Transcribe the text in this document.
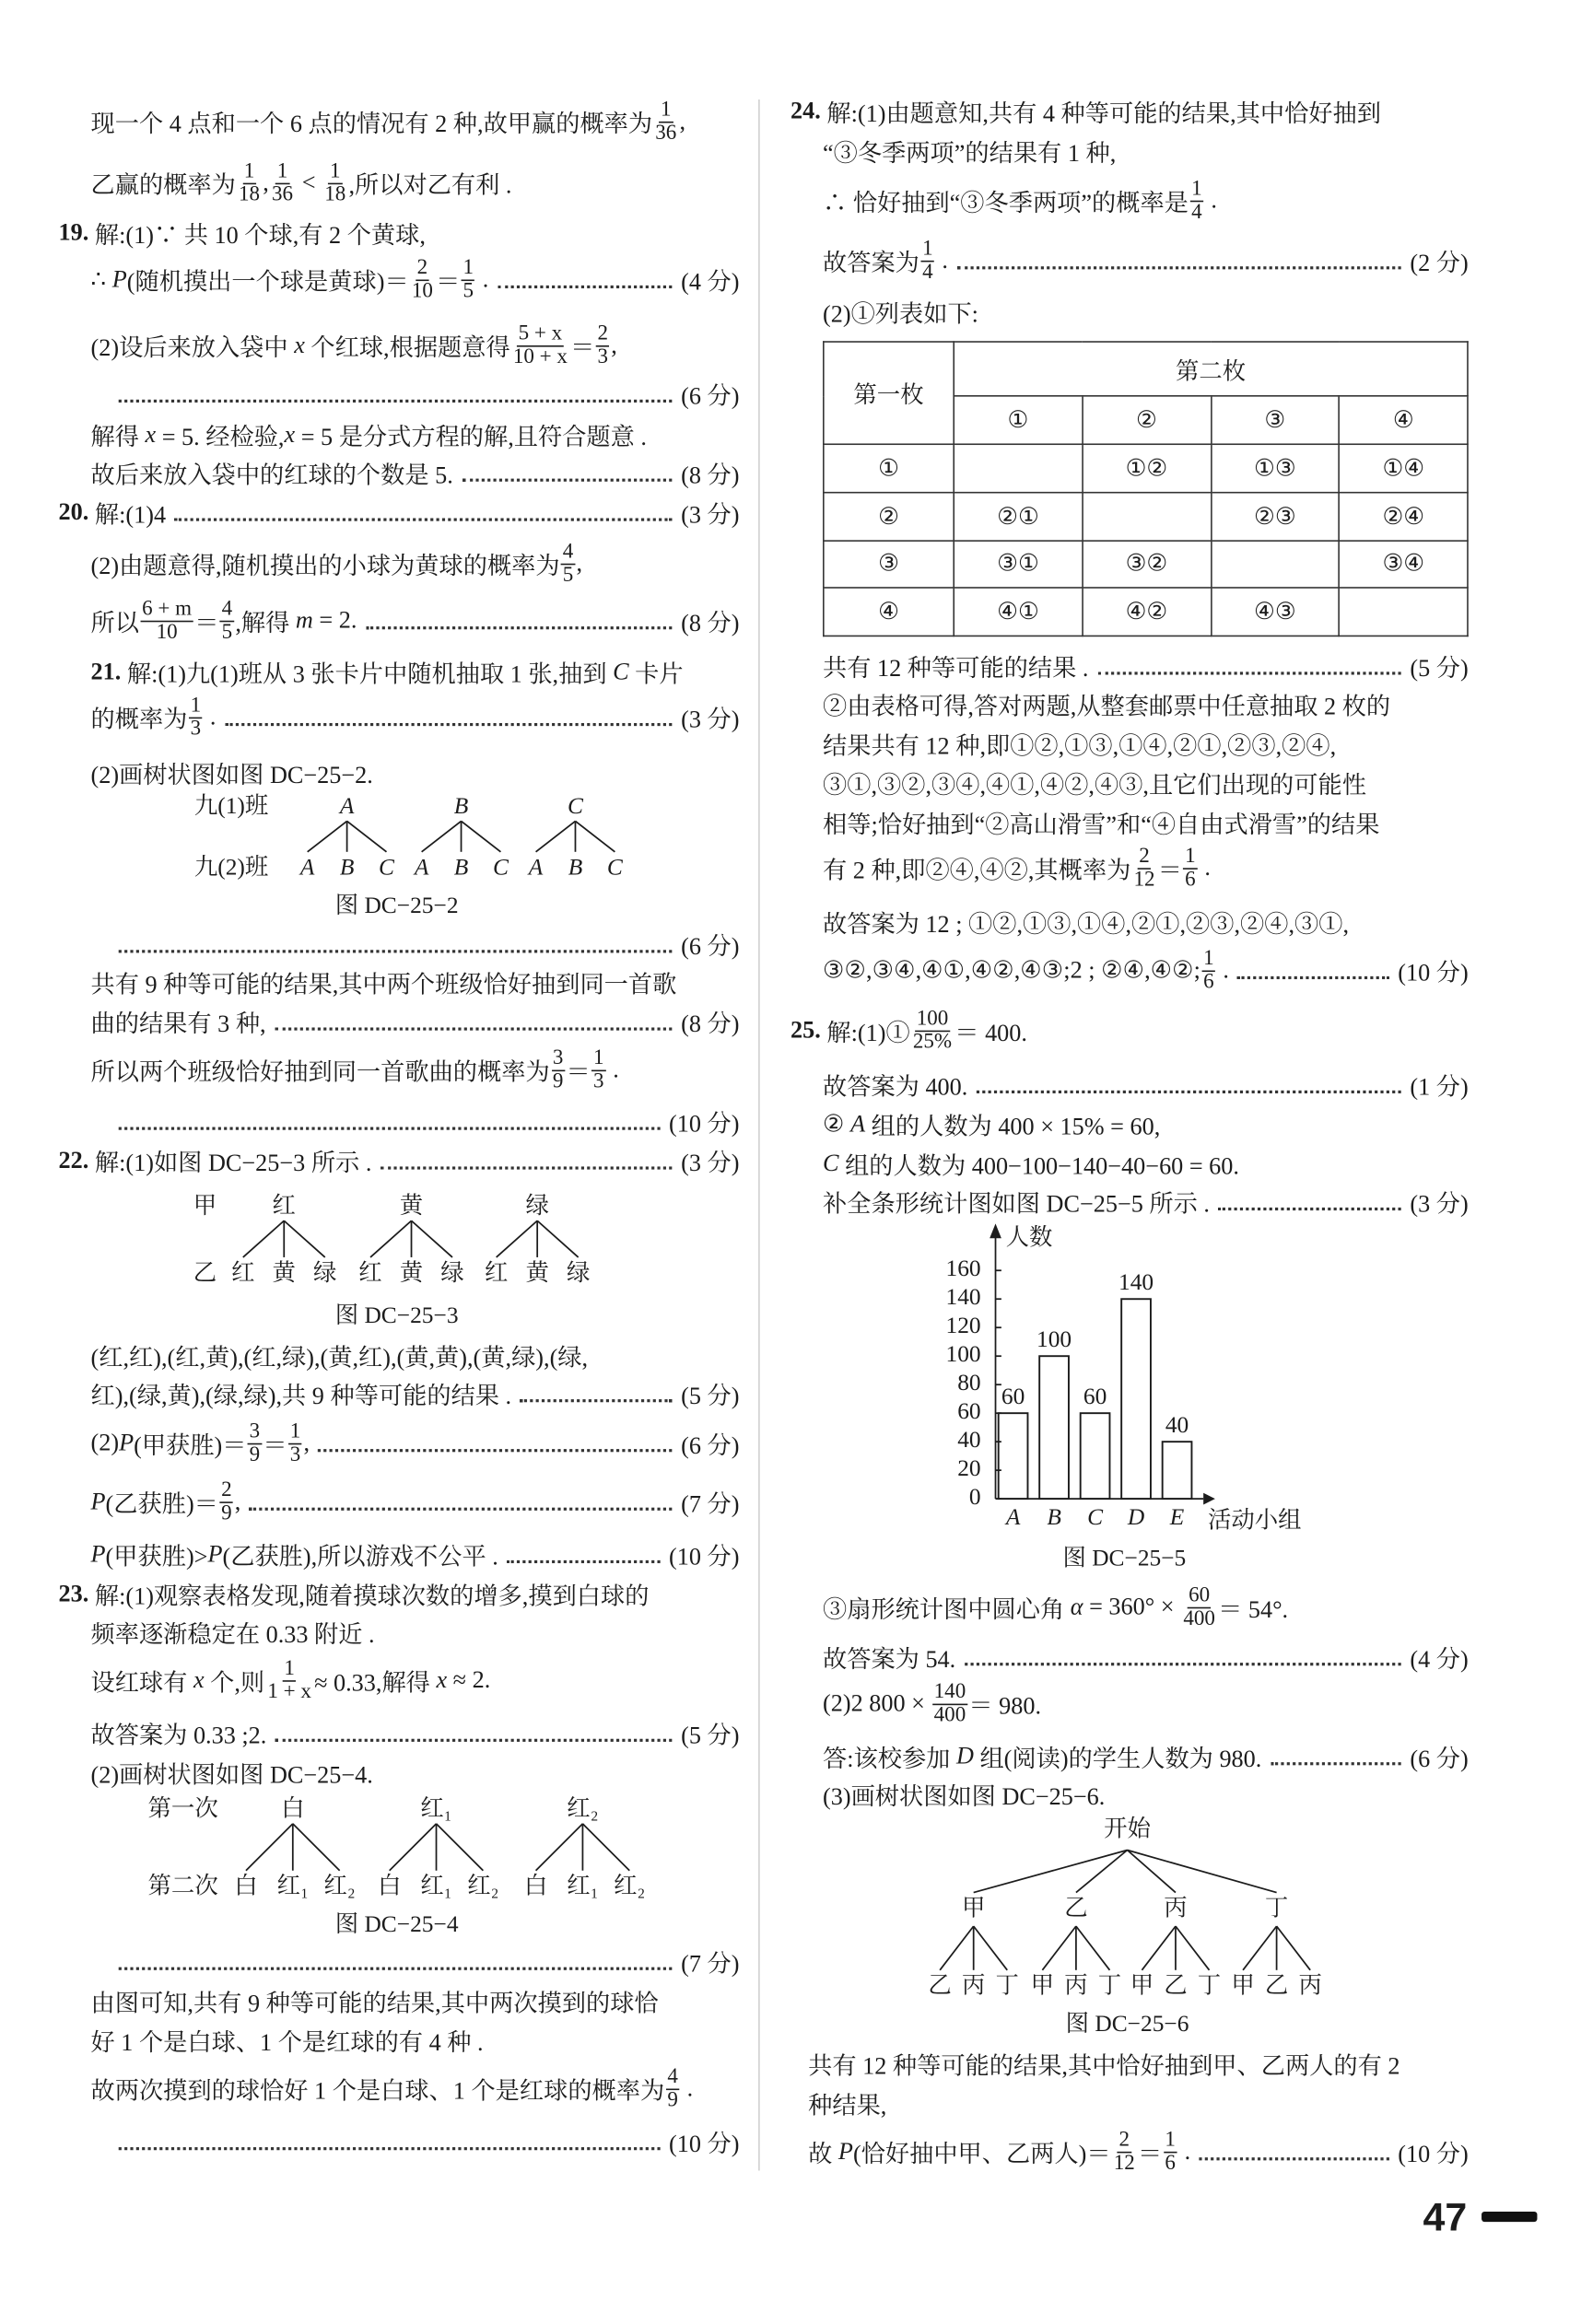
现一个 4 点和一个 6 点的情况有 2 种,故甲赢的概率为 $\frac{1}{36}$ ,
乙赢的概率为 $\frac{1}{18}$ , $\frac{1}{36} < \frac{1}{18}$ ,所以对乙有利 .
19. 解:(1)∵ 共 10 个球,有 2 个黄球,
∴ P (随机摸出一个球是黄球)＝ $\frac{2}{10} = \frac{1}{5}$ .	(4 分)
(2)设后来放入袋中 x 个红球,根据题意得 $\frac{5 + x}{10 + x} = \frac{2}{3}$ ,
(6 分)
解得 x = 5. 经检验, x = 5 是分式方程的解,且符合题意 .
故后来放入袋中的红球的个数是 5.	(8 分)
20. 解:(1)4	(3 分)
(2)由题意得,随机摸出的小球为黄球的概率为 $\frac{4}{5}$ ,
所以 $\frac{6 + m}{10} = \frac{4}{5}$ ,解得 m = 2.	(8 分)
21. 解:(1)九(1)班从 3 张卡片中随机抽取 1 张,抽到 C 卡片
的概率为 $\frac{1}{3}$ .	(3 分)
(2)画树状图如图 DC−25−2.
(6 分)
共有 9 种等可能的结果,其中两个班级恰好抽到同一首歌
曲的结果有 3 种,	(8 分)
所以两个班级恰好抽到同一首歌曲的概率为 $\frac{3}{9} = \frac{1}{3}$ .
(10 分)
22. 解:(1)如图 DC−25−3 所示 .	(3 分)
(红,红),(红,黄),(红,绿),(黄,红),(黄,黄),(黄,绿),(绿,
红),(绿,黄),(绿,绿),共 9 种等可能的结果 .	(5 分)
(2) P (甲获胜)＝ $\frac{3}{9} = \frac{1}{3}$ ,	(6 分)
P (乙获胜)＝ $\frac{2}{9}$ ,	(7 分)
P (甲获胜)> P (乙获胜),所以游戏不公平 .	(10 分)
23. 解:(1)观察表格发现,随着摸球次数的增多,摸到白球的
频率逐渐稳定在 0.33 附近 .
设红球有 x 个,则 $\frac{1}{1 + x} \approx 0.33$,解得 x ≈ 2.
故答案为 0.33 ;2.	(5 分)
(2)画树状图如图 DC−25−4.
(7 分)
由图可知,共有 9 种等可能的结果,其中两次摸到的球恰
好 1 个是白球、1 个是红球的有 4 种 .
故两次摸到的球恰好 1 个是白球、1 个是红球的概率为 $\frac{4}{9}$ .
(10 分)
24. 解:(1)由题意知,共有 4 种等可能的结果,其中恰好抽到
“③冬季两项”的结果有 1 种,
∴ 恰好抽到“③冬季两项”的概率是 $\frac{1}{4}$ .
故答案为 $\frac{1}{4}$ .	(2 分)
(2)①列表如下:
共有 12 种等可能的结果 .	(5 分)
②由表格可得,答对两题,从整套邮票中任意抽取 2 枚的
结果共有 12 种,即①②,①③,①④,②①,②③,②④,
③①,③②,③④,④①,④②,④③,且它们出现的可能性
相等;恰好抽到“②高山滑雪”和“④自由式滑雪”的结果
有 2 种,即②④,④②,其概率为 $\frac{2}{12} = \frac{1}{6}$ .
故答案为 12 ; ①②,①③,①④,②①,②③,②④,③①,
③②,③④,④①,④②,④③;2 ; ②④,④②; $\frac{1}{6}$ .	(10 分)
25. 解:(1)① $\frac{100}{25\%} = 400$.
故答案为 400.	(1 分)
② A 组的人数为 400 × 15% = 60,
C 组的人数为 400−100−140−40−60 = 60.
补全条形统计图如图 DC−25−5 所示 .	(3 分)
③扇形统计图中圆心角 $\alpha = 360^\circ \times \frac{60}{400} = 54^\circ$.
故答案为 54.	(4 分)
(2)2 $800 \times \frac{140}{400} = 980$.
答:该校参加 D 组(阅读)的学生人数为 980.	(6 分)
(3)画树状图如图 DC−25−6.
共有 12 种等可能的结果,其中恰好抽到甲、乙两人的有 2
种结果,
故 P (恰好抽中甲、乙两人)＝ $\frac{2}{12} = \frac{1}{6}$ .	(10 分)
第一枚	第二枚			
	①	②	③	④
①		①②	①③	①④
②	②①		②③	②④
③	③①	③②		③④
④	④①	④②	④③	
九(1)班
九(2)班
A
A B C
B
A B C
C
A B C
图 DC−25−2
甲
乙
红
红 黄 绿
黄
红 黄 绿
绿
红 黄 绿
图 DC−25−3
第一次
第二次
白
白 红₁ 红₂
红₁
白 红₁ 红₂
红₂
白 红₁ 红₂
图 DC−25−4
开始
甲
乙 丙 丁
乙
甲 丙 丁
丙
甲 乙 丁
丁
甲 乙 丙
图 DC−25−6
人数
活动小组
0
20
40
60
80
100
120
140
160
60
A
100
B
60
C
140
D
40
E
图 DC−25−5
47
